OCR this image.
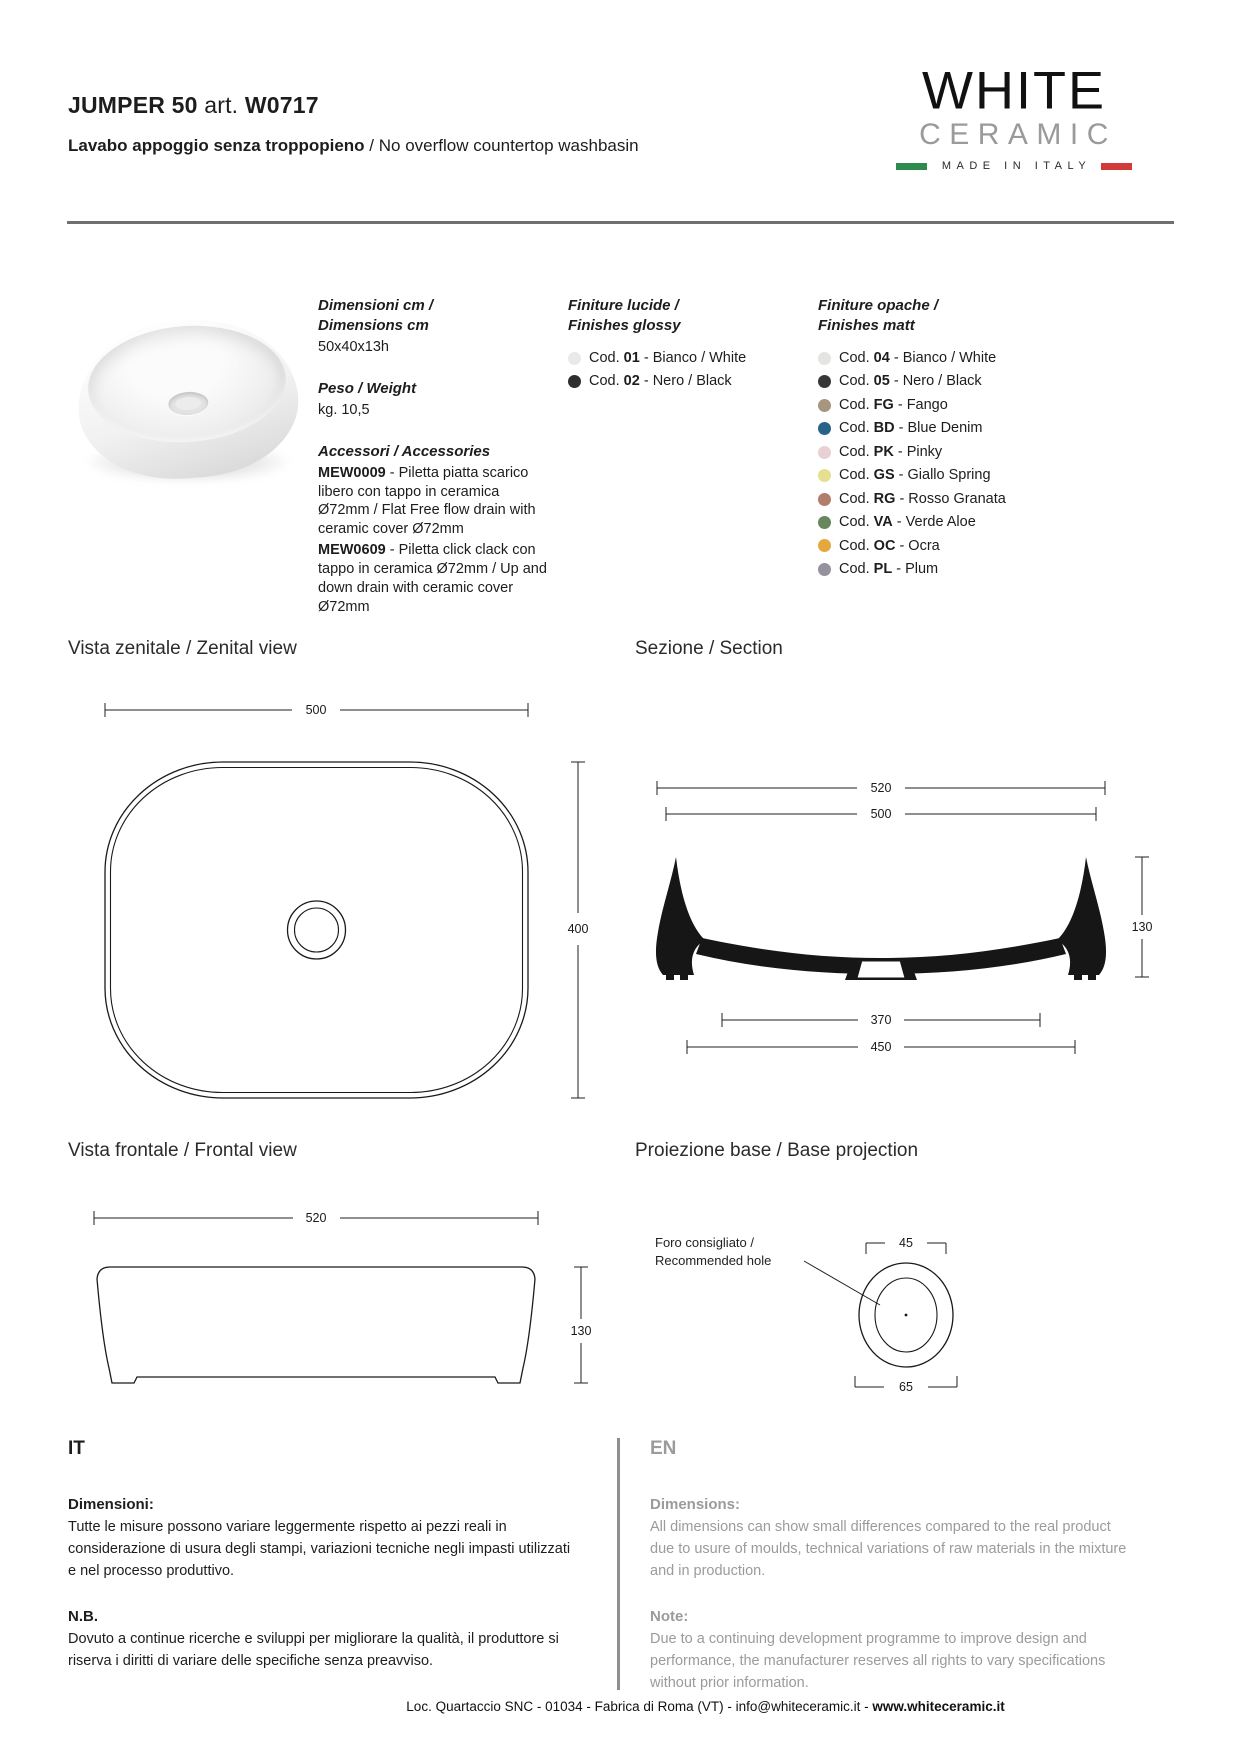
JUMPER 50 art. W0717
Lavabo appoggio senza troppopieno / No overflow countertop washbasin
WHITE
CERAMIC
MADE IN ITALY
Dimensioni cm /
Dimensions cm
50x40x13h
Peso / Weight
kg. 10,5
Accessori / Accessories
MEW0009 - Piletta piatta scarico libero con tappo in ceramica Ø72mm / Flat Free flow drain with ceramic cover Ø72mm
MEW0609 - Piletta click clack con tappo in ceramica Ø72mm / Up and down drain with ceramic cover Ø72mm
Finiture lucide /
Finishes glossy
Cod. 01 - Bianco / White
Cod. 02 - Nero / Black
Finiture opache /
Finishes matt
Cod. 04 - Bianco / White
Cod. 05 - Nero / Black
Cod. FG - Fango
Cod. BD - Blue Denim
Cod. PK - Pinky
Cod. GS - Giallo Spring
Cod. RG - Rosso Granata
Cod. VA - Verde Aloe
Cod. OC - Ocra
Cod. PL - Plum
Vista zenitale / Zenital view	Sezione / Section
Vista frontale / Frontal view	Proiezione base / Base projection
500
400
520
500
130
370
450
520
130
Foro consigliato /
Recommended hole
45
65
IT
Dimensioni:

Tutte le misure possono variare leggermente rispetto ai pezzi reali in considerazione di usura degli stampi, variazioni tecniche negli impasti utilizzati e nel processo produttivo.

N.B.

Dovuto a continue ricerche e sviluppi per migliorare la qualità, il produttore si riserva i diritti di variare delle specifiche senza preavviso.

EN
Dimensions:

All dimensions can show small differences compared to the real product due to usure of moulds, technical variations of raw materials in the mixture and in production.

Note:

Due to a continuing development programme to improve design and performance, the manufacturer reserves all rights to vary specifications without prior information.

Loc. Quartaccio SNC - 01034 - Fabrica di Roma (VT) - info@whiteceramic.it - www.whiteceramic.it
